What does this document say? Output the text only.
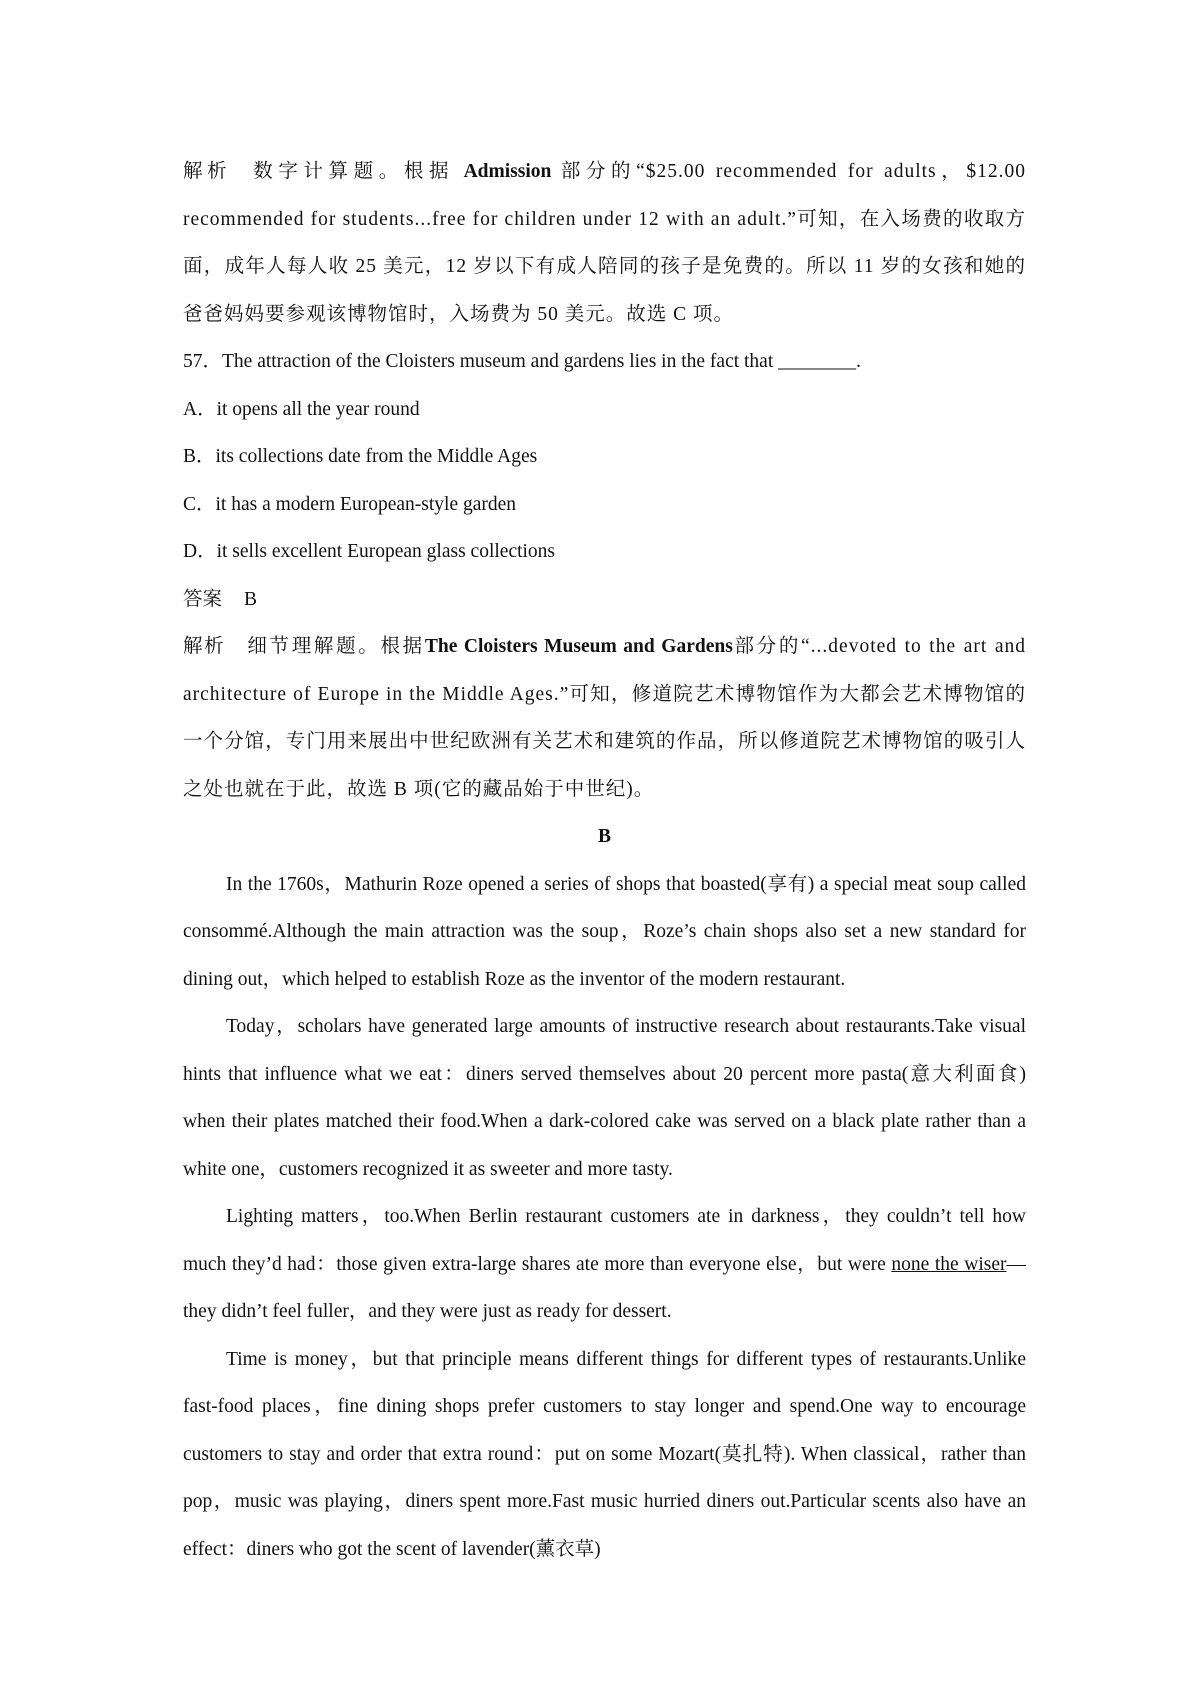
解析 数字计算题。根据 Admission 部分的“$25.00 recommended for adults，$12.00 recommended for students...free for children under 12 with an adult.”可知，在入场费的收取方面，成年人每人收 25 美元，12 岁以下有成人陪同的孩子是免费的。所以 11 岁的女孩和她的爸爸妈妈要参观该博物馆时，入场费为 50 美元。故选 C 项。

57．The attraction of the Cloisters museum and gardens lies in the fact that ________.

A．it opens all the year round

B．its collections date from the Middle Ages

C．it has a modern European-style garden

D．it sells excellent European glass collections

答案 B

解析 细节理解题。根据The Cloisters Museum and Gardens部分的“...devoted to the art and architecture of Europe in the Middle Ages.”可知，修道院艺术博物馆作为大都会艺术博物馆的一个分馆，专门用来展出中世纪欧洲有关艺术和建筑的作品，所以修道院艺术博物馆的吸引人之处也就在于此，故选 B 项(它的藏品始于中世纪)。

B

In the 1760s，Mathurin Roze opened a series of shops that boasted(享有) a special meat soup called consommé.Although the main attraction was the soup，Roze’s chain shops also set a new standard for dining out，which helped to establish Roze as the inventor of the modern restaurant.

Today，scholars have generated large amounts of instructive research about restaurants.Take visual hints that influence what we eat：diners served themselves about 20 percent more pasta(意大利面食) when their plates matched their food.When a dark-colored cake was served on a black plate rather than a white one，customers recognized it as sweeter and more tasty.

Lighting matters，too.When Berlin restaurant customers ate in darkness，they couldn’t tell how much they’d had：those given extra-large shares ate more than everyone else，but were none the wiser—they didn’t feel fuller，and they were just as ready for dessert.

Time is money，but that principle means different things for different types of restaurants.Unlike fast-food places，fine dining shops prefer customers to stay longer and spend.One way to encourage customers to stay and order that extra round：put on some Mozart(莫扎特). When classical，rather than pop，music was playing，diners spent more.Fast music hurried diners out.Particular scents also have an effect：diners who got the scent of lavender(薰衣草)
